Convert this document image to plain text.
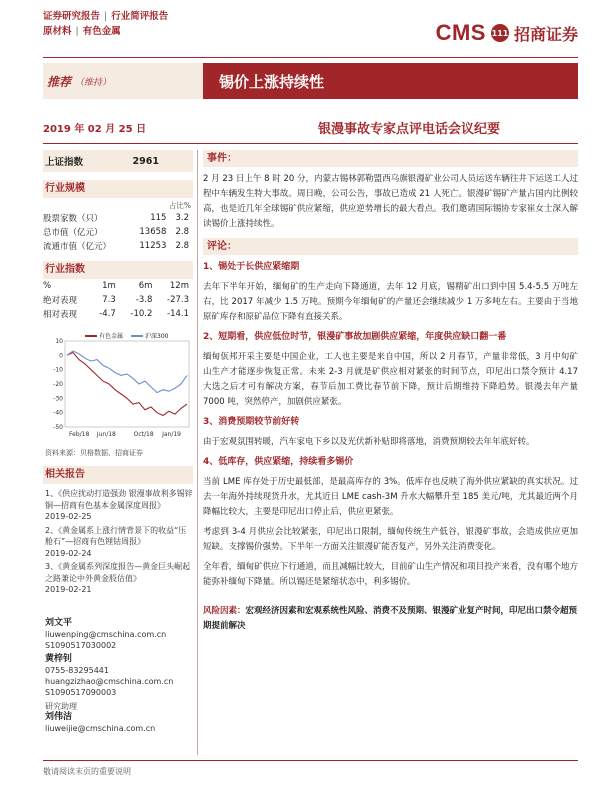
证券研究报告 | 行业简评报告
原材料 | 有色金属	CMS 111 招商证券
推荐 （维持）	锡价上涨持续性
2019 年 02 月 25 日	银漫事故专家点评电话会议纪要
上证指数	2961
行业规模
占比%
股票家数（只）	115	3.2
总市值（亿元）	13658	2.8
流通市值（亿元）	11253	2.8
行业指数
%	1m	6m	12m
绝对表现	7.3	-3.8	-27.3
相对表现	-4.7	-10.2	-14.1
10
0
-10
-20
-30
-40
-50
Feb/18 Jun/18	Oct/18 Jan/19
有色金属	沪深300
资料来源：贝格数据、招商证券
相关报告
1、《供应扰动打造强劲 银漫事故利多锡锌铜—招商有色基本金属深度周报》
2019-02-25
2、《黄金属系上涨行情背景下的收益“压舱石”—招商有色锂钴周报》
2019-02-24
3、《黄金属系列深度报告—黄金巨头崛起之路兼论中外黄金股估值》
2019-02-21
刘文平
liuwenping@cmschina.com.cn
S1090517030002
黄梓钊
0755-83295441
huangzizhao@cmschina.com.cn
S1090517090003
研究助理
刘伟洁
liuweijie@cmschina.com.cn
事件：
2 月 23 日上午 8 时 20 分，内蒙古锡林郭勒盟西乌旗银漫矿业公司人员运送车辆往井下运送工人过程中车辆发生特大事故。周日晚，公司公告，事故已造成 21 人死亡。银漫矿锡矿产量占国内比例较高，也是近几年全球锡矿供应紧缩，供应逆势增长的最大看点。我们邀请国际锡协专家崔女士深入解读锡价上涨持续性。
评论：
1、锡处于长供应紧缩期
去年下半年开始，缅甸矿的生产走向下降通道，去年 12 月底，锡精矿出口到中国 5.4-5.5 万吨左右，比 2017 年减少 1.5 万吨。预期今年缅甸矿的产量还会继续减少 1 万多吨左右。主要由于当地原矿库存和原矿品位下降有直接关系。
2、短期看，供应低位时节，银漫矿事故加剧供应紧缩，年度供应缺口翻一番
缅甸佤邦开采主要是中国企业，工人也主要是来自中国，所以 2 月春节，产量非常低，3 月中旬矿山生产才能逐步恢复正常。未来 2-3 月就是矿供应相对紧张的时间节点，印尼出口禁令预计 4.17 大选之后才可有解决方案，春节后加工费比春节前下降，预计后期维持下降趋势。银漫去年产量 7000 吨，突然停产，加剧供应紧张。
3、消费预期较节前好转
由于宏观氛围转暖，汽车家电下乡以及光伏新补贴即将落地，消费预期较去年年底好转。
4、低库存，供应紧缩，持续看多锡价
当前 LME 库存处于历史最低部，是最高库存的 3%。低库存也反映了海外供应紧缺的真实状况。过去一年海外持续现货升水，尤其近日 LME cash-3M 升水大幅攀升至 185 美元/吨，尤其最近两个月降幅比较大，主要是印尼出口停止后，供应更紧张。
考虑到 3-4 月供应会比较紧张，印尼出口限制，缅甸传统生产低谷，银漫矿事故，会造成供应更加短缺。支撑锡价强势。下半年一方面关注银漫矿能否复产，另外关注消费变化。
全年看，缅甸矿供应下行通道，而且减幅比较大，目前矿山生产情况和项目投产来看，没有哪个地方能弥补缅甸下降量。所以锡还是紧缩状态中，利多锡价。
风险因素：宏观经济因素和宏观系统性风险、消费不及预期、银漫矿业复产时间，印尼出口禁令超预期提前解决
敬请阅读末页的重要说明
